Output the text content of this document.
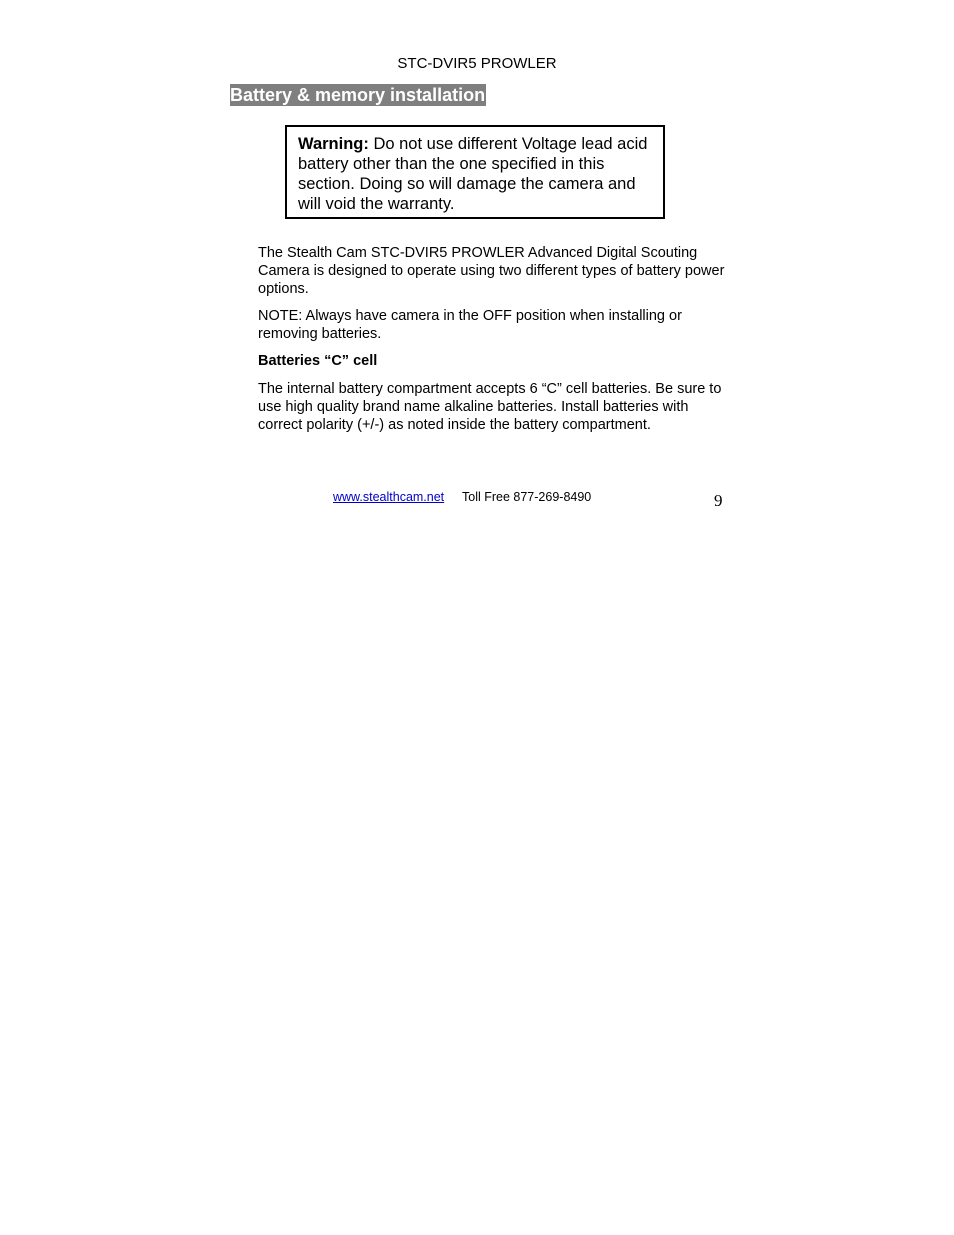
STC-DVIR5 PROWLER
Battery & memory installation
Warning: Do not use different Voltage lead acid battery other than the one specified in this section. Doing so will damage the camera and will void the warranty.

The Stealth Cam STC-DVIR5 PROWLER Advanced Digital Scouting Camera is designed to operate using two different types of battery power options.

NOTE: Always have camera in the OFF position when installing or removing batteries.

Batteries “C” cell

The internal battery compartment accepts 6 “C” cell batteries. Be sure to use high quality brand name alkaline batteries. Install batteries with correct polarity (+/-) as noted inside the battery compartment.

www.stealthcam.net Toll Free 877-269-8490	9
